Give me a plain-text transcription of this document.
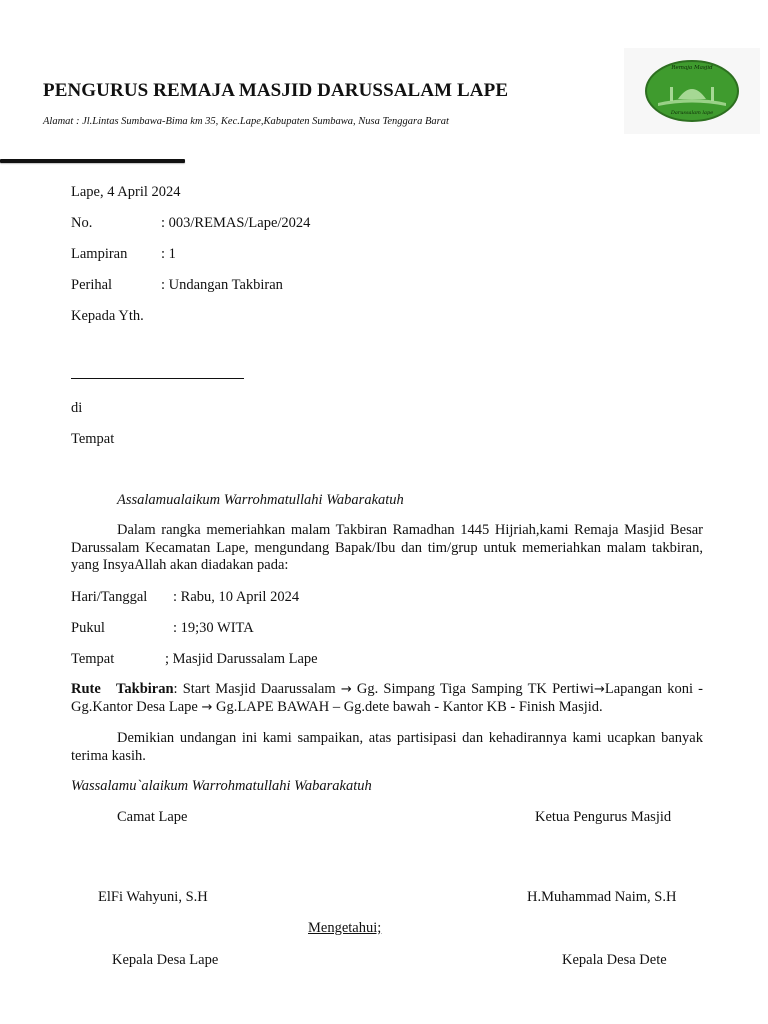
PENGURUS REMAJA MASJID DARUSSALAM LAPE
Alamat : Jl.Lintas Sumbawa-Bima km 35, Kec.Lape,Kabupaten Sumbawa, Nusa Tenggara Barat
Remaja Masjid
Darussalam lape
Lape, 4 April 2024
No.	: 003/REMAS/Lape/2024
Lampiran : 1
Perihal	: Undangan Takbiran
Kepada Yth.
di
Tempat
Assalamualaikum Warrohmatullahi Wabarakatuh
Dalam rangka memeriahkan malam Takbiran Ramadhan 1445 Hijriah,kami Remaja Masjid Besar Darussalam Kecamatan Lape, mengundang Bapak/Ibu dan tim/grup untuk memeriahkan malam takbiran, yang InsyaAllah akan diadakan pada:
Hari/Tanggal : Rabu, 10 April 2024
Pukul	: 19;30 WITA
Tempat	; Masjid Darussalam Lape
Rute   Takbiran: Start Masjid Daarussalam → Gg. Simpang Tiga Samping TK Pertiwi→Lapangan koni - Gg.Kantor Desa Lape → Gg.LAPE BAWAH – Gg.dete bawah - Kantor KB - Finish Masjid.
Demikian undangan ini kami sampaikan, atas partisipasi dan kehadirannya kami ucapkan banyak terima kasih.
Wassalamu`alaikum Warrohmatullahi Wabarakatuh
Camat Lape	Ketua Pengurus Masjid
ElFi Wahyuni, S.H	H.Muhammad Naim, S.H
Mengetahui;
Kepala Desa Lape	Kepala Desa Dete
